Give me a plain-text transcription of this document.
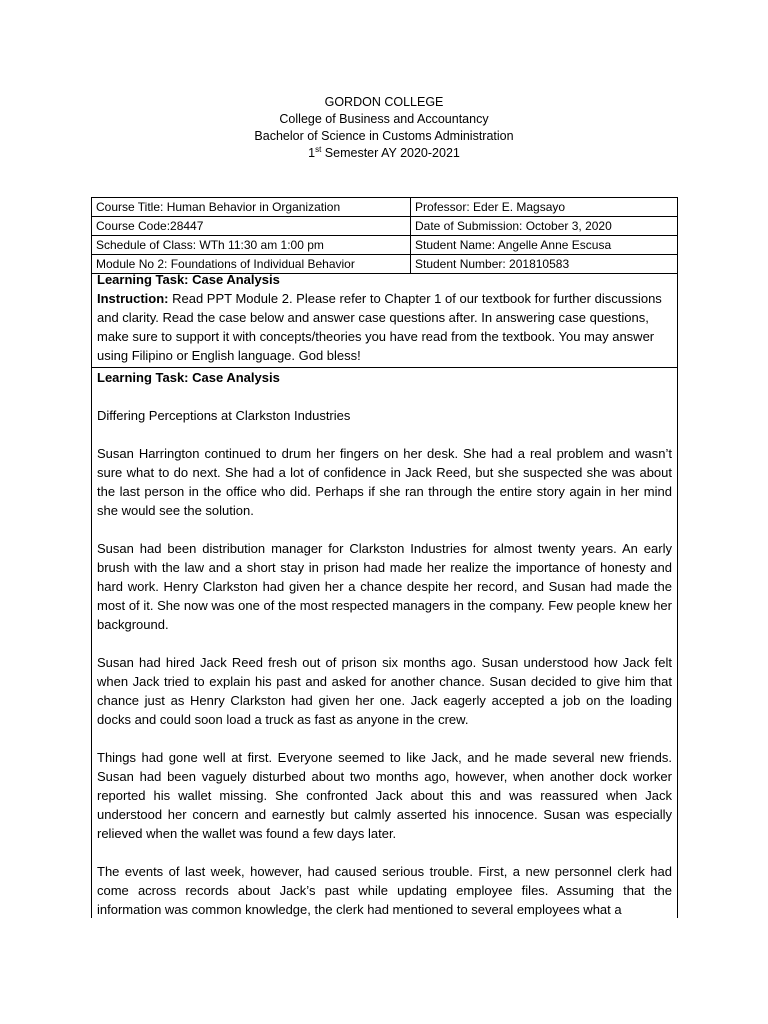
GORDON COLLEGE
College of Business and Accountancy
Bachelor of Science in Customs Administration
1st Semester AY 2020-2021
Course Title: Human Behavior in Organization	Professor: Eder E. Magsayo
Course Code:28447	Date of Submission: October 3, 2020
Schedule of Class: WTh 11:30 am 1:00 pm	Student Name: Angelle Anne Escusa
Module No 2: Foundations of Individual Behavior	Student Number: 201810583

Learning Task: Case Analysis

Instruction: Read PPT Module 2. Please refer to Chapter 1 of our textbook for further discussions and clarity. Read the case below and answer case questions after. In answering case questions, make sure to support it with concepts/theories you have read from the textbook. You may answer using Filipino or English language. God bless!

Learning Task: Case Analysis

Differing Perceptions at Clarkston Industries

Susan Harrington continued to drum her fingers on her desk. She had a real problem and wasn’t sure what to do next. She had a lot of confidence in Jack Reed, but she suspected she was about the last person in the office who did. Perhaps if she ran through the entire story again in her mind she would see the solution.

Susan had been distribution manager for Clarkston Industries for almost twenty years. An early brush with the law and a short stay in prison had made her realize the importance of honesty and hard work. Henry Clarkston had given her a chance despite her record, and Susan had made the most of it. She now was one of the most respected managers in the company. Few people knew her background.

Susan had hired Jack Reed fresh out of prison six months ago. Susan understood how Jack felt when Jack tried to explain his past and asked for another chance. Susan decided to give him that chance just as Henry Clarkston had given her one. Jack eagerly accepted a job on the loading docks and could soon load a truck as fast as anyone in the crew.

Things had gone well at first. Everyone seemed to like Jack, and he made several new friends. Susan had been vaguely disturbed about two months ago, however, when another dock worker reported his wallet missing. She confronted Jack about this and was reassured when Jack understood her concern and earnestly but calmly asserted his innocence. Susan was especially relieved when the wallet was found a few days later.

The events of last week, however, had caused serious trouble. First, a new personnel clerk had come across records about Jack’s past while updating employee files. Assuming that the information was common knowledge, the clerk had mentioned to several employees what a
